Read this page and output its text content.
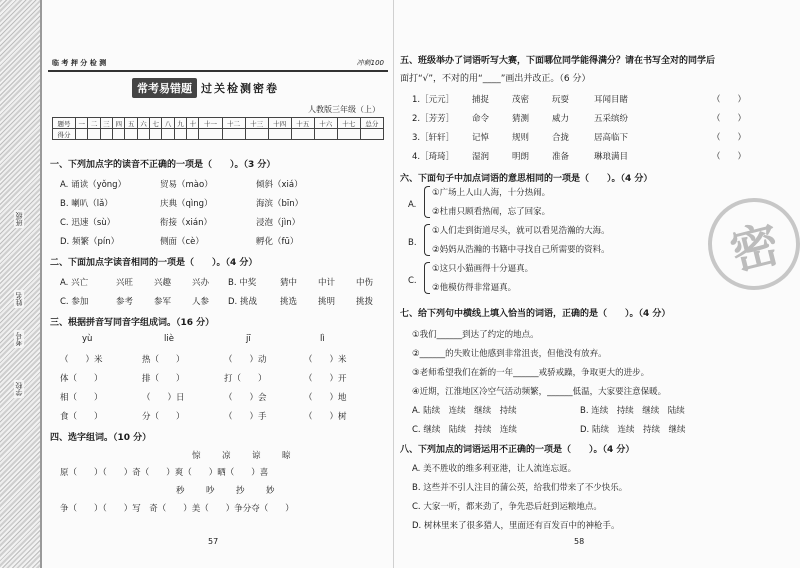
班级
姓名
考号
学校
临 考 押 分 检 测	冲刺100
常考易错题 过关检测密卷
人教版三年级（上）
题号	一	二	三	四	五	六	七	八	九	十	十一	十二	十三	十四	十五	十六	十七	总分
得分																		
一、下列加点字的读音不正确的一项是（　　）。（3 分）
A. 诵读（yǒng）	贸易（mào）	倾斜（xiá）
B. 喇叭（lǎ）	庆典（qìng）	海滨（bīn）
C. 迅速（sù）	衔接（xián）	浸泡（jìn）
D. 频繁（pín）	侧面（cè）	孵化（fū）
二、下面加点字读音相同的一项是（　　）。（4 分）
A. 兴亡	兴旺 兴趣 兴办 B. 中奖	猜中 中计 中伤
C. 参加	参考 参军 人参 D. 挑战	挑选 挑明 挑拨
三、根据拼音写同音字组成词。（16 分）
yù	liè	jī	lì
（　　）米	热（　　）	（　　）动	（　　）米
体（　　）	排（　　）	打（　　）	（　　）开
相（　　）	（　　）日	（　　）会	（　　）地
食（　　）	分（　　）	（　　）手	（　　）树
四、选字组词。（10 分）
惊	凉	谅	晾
原（　　）（　　）奇（　　）爽（　　）晒（　　）喜
秒	吵	抄	妙
争（　　）（　　）写　奇（　　）美（　　）争分夺（　　）
57
五、班级举办了词语听写大赛，下面哪位同学能得满分？请在书写全对的同学后
面打“√”，不对的用“____”画出并改正。（6 分）
1.［元元］ 捕捉	茂密	玩耍	耳闻目睹	（　　）
2.［芳芳］ 命令	猜测	威力	五采缤纷	（　　）
3.［轩轩］ 记悼	规则	合拢	居高临下	（　　）
4.［琦琦］ 湿润	明朗	准备	琳琅满目	（　　）
六、下面句子中加点词语的意思相同的一项是（　　）。（4 分）
A.
①广场上人山人海，十分热闹。
②杜甫只顾看热闹，忘了回家。
B.
①人们走到街道尽头，就可以看见浩瀚的大海。
②妈妈从浩瀚的书籍中寻找自己所需要的资料。
C.
①这只小猫画得十分逼真。
②他模仿得非常逼真。
七、给下列句中横线上填入恰当的词语，正确的是（　　）。（4 分）
①我们______到达了约定的地点。
②______的失败让他感到非常沮丧，但他没有放弃。
③老师希望我们在新的一年______戒骄戒躁，争取更大的进步。
④近期，江淮地区冷空气活动频繁，______低温，大家要注意保暖。
A. 陆续　连续　继续　持续	B. 连续　持续　继续　陆续
C. 继续　陆续　持续　连续	D. 陆续　连续　持续　继续
八、下列加点的词语运用不正确的一项是（　　）。（4 分）
A. 美不胜收的维多利亚港，让人流连忘返。
B. 这些并不引人注目的蒲公英，给我们带来了不少快乐。
C. 大家一听，都来劲了，争先恐后赶到运粮地点。
D. 树林里来了很多猎人，里面还有百发百中的神枪手。
58
密
